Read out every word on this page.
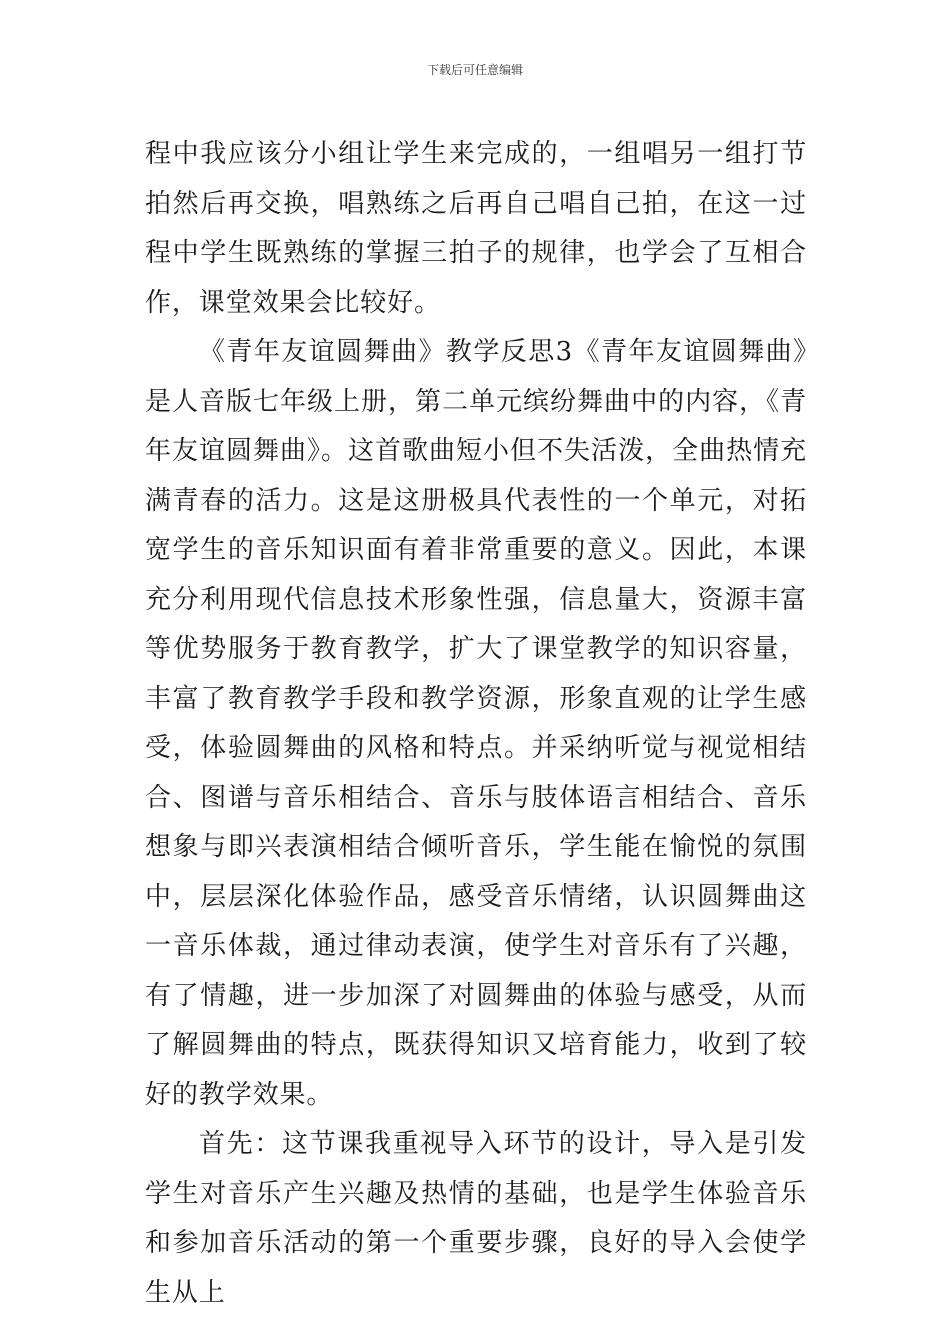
下载后可任意编辑

程中我应该分小组让学生来完成的，一组唱另一组打节拍然后再交换，唱熟练之后再自己唱自己拍，在这一过程中学生既熟练的掌握三拍子的规律，也学会了互相合作，课堂效果会比较好。

《青年友谊圆舞曲》教学反思3《青年友谊圆舞曲》是人音版七年级上册，第二单元缤纷舞曲中的内容，《青年友谊圆舞曲》。这首歌曲短小但不失活泼，全曲热情充满青春的活力。这是这册极具代表性的一个单元，对拓宽学生的音乐知识面有着非常重要的意义。因此，本课充分利用现代信息技术形象性强，信息量大，资源丰富等优势服务于教育教学，扩大了课堂教学的知识容量，丰富了教育教学手段和教学资源，形象直观的让学生感受，体验圆舞曲的风格和特点。并采纳听觉与视觉相结合、图谱与音乐相结合、音乐与肢体语言相结合、音乐想象与即兴表演相结合倾听音乐，学生能在愉悦的氛围中，层层深化体验作品，感受音乐情绪，认识圆舞曲这一音乐体裁，通过律动表演，使学生对音乐有了兴趣，有了情趣，进一步加深了对圆舞曲的体验与感受，从而了解圆舞曲的特点，既获得知识又培育能力，收到了较好的教学效果。

首先：这节课我重视导入环节的设计，导入是引发学生对音乐产生兴趣及热情的基础，也是学生体验音乐和参加音乐活动的第一个重要步骤，良好的导入会使学生从上
